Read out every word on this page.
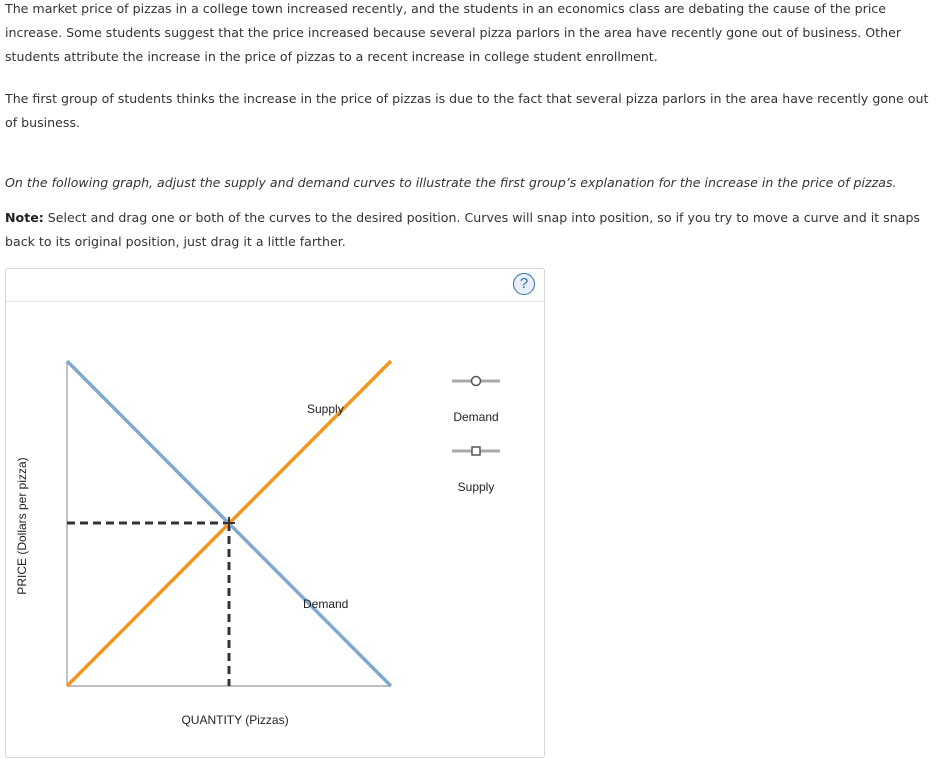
The market price of pizzas in a college town increased recently, and the students in an economics class are debating the cause of the price increase. Some students suggest that the price increased because several pizza parlors in the area have recently gone out of business. Other students attribute the increase in the price of pizzas to a recent increase in college student enrollment.

The first group of students thinks the increase in the price of pizzas is due to the fact that several pizza parlors in the area have recently gone out of business.

On the following graph, adjust the supply and demand curves to illustrate the first group’s explanation for the increase in the price of pizzas.

Note: Select and drag one or both of the curves to the desired position. Curves will snap into position, so if you try to move a curve and it snaps back to its original position, just drag it a little farther.

?
Supply
Demand
QUANTITY (Pizzas)
PRICE (Dollars per pizza)
Demand
Supply
